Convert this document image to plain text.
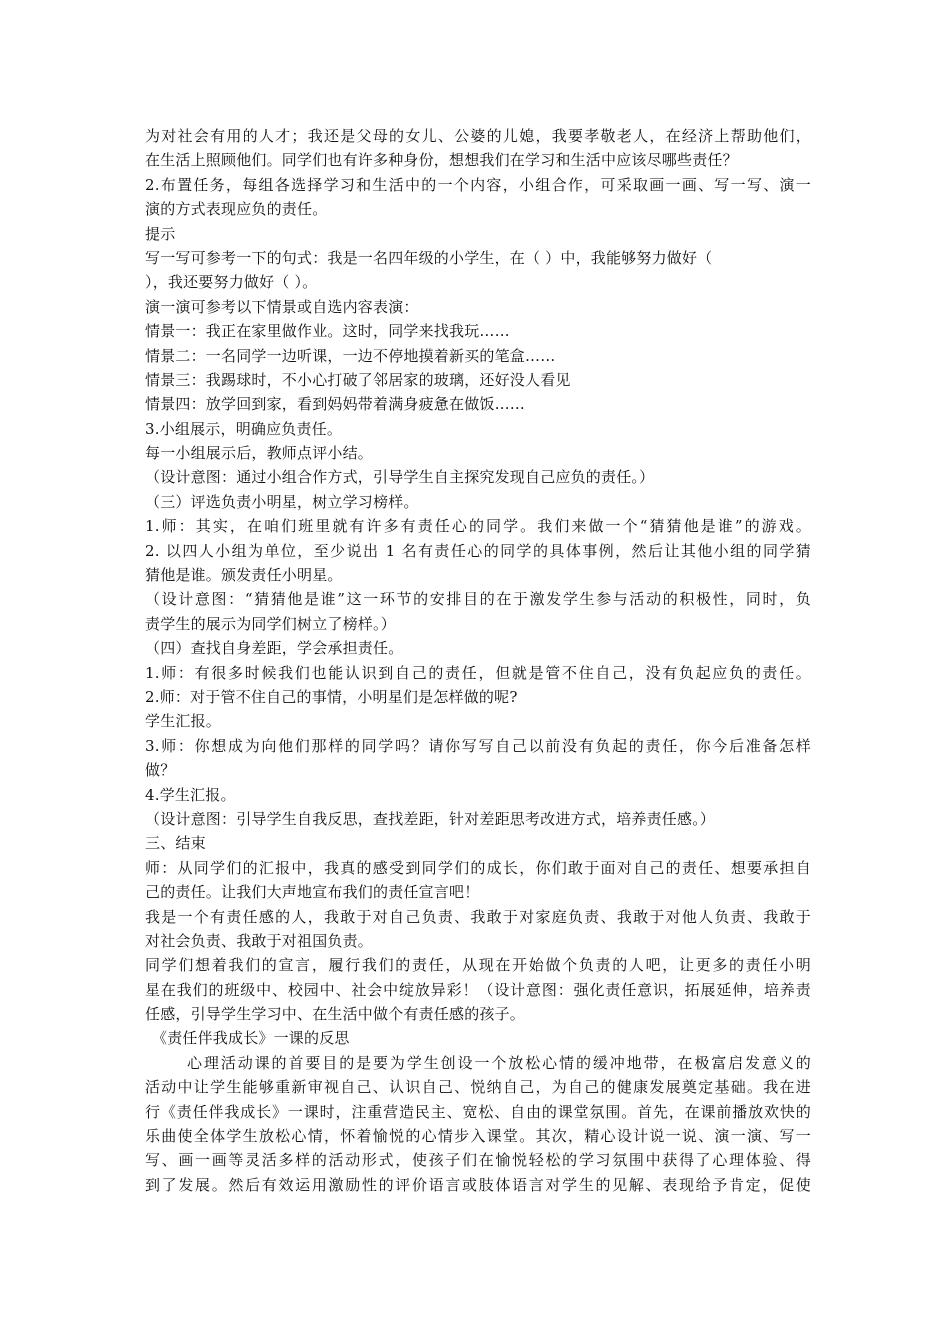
为对社会有用的人才；我还是父母的女儿、公婆的儿媳，我要孝敬老人，在经济上帮助他们，
在生活上照顾他们。同学们也有许多种身份，想想我们在学习和生活中应该尽哪些责任？
2.布置任务，每组各选择学习和生活中的一个内容，小组合作，可采取画一画、写一写、演一
演的方式表现应负的责任。
提示
写一写可参考一下的句式：我是一名四年级的小学生，在（ ）中，我能够努力做好（
），我还要努力做好（ ）。
演一演可参考以下情景或自选内容表演：
情景一：我正在家里做作业。这时，同学来找我玩……
情景二：一名同学一边听课，一边不停地摸着新买的笔盒……
情景三：我踢球时，不小心打破了邻居家的玻璃，还好没人看见
情景四：放学回到家，看到妈妈带着满身疲惫在做饭……
3.小组展示，明确应负责任。
每一小组展示后，教师点评小结。
（设计意图：通过小组合作方式，引导学生自主探究发现自己应负的责任。）
（三）评选负责小明星，树立学习榜样。
1.师：其实，在咱们班里就有许多有责任心的同学。我们来做一个“猜猜他是谁”的游戏。
2. 以四人小组为单位，至少说出 1 名有责任心的同学的具体事例，然后让其他小组的同学猜
猜他是谁。颁发责任小明星。
（设计意图：“猜猜他是谁”这一环节的安排目的在于激发学生参与活动的积极性，同时，负
责学生的展示为同学们树立了榜样。）
（四）查找自身差距，学会承担责任。
1.师：有很多时候我们也能认识到自己的责任，但就是管不住自己，没有负起应负的责任。
2.师：对于管不住自己的事情，小明星们是怎样做的呢?
学生汇报。
3.师：你想成为向他们那样的同学吗？请你写写自己以前没有负起的责任，你今后准备怎样
做？
4.学生汇报。
（设计意图：引导学生自我反思，查找差距，针对差距思考改进方式，培养责任感。）
三、结束
师：从同学们的汇报中，我真的感受到同学们的成长，你们敢于面对自己的责任、想要承担自
己的责任。让我们大声地宣布我们的责任宣言吧！
我是一个有责任感的人，我敢于对自己负责、我敢于对家庭负责、我敢于对他人负责、我敢于
对社会负责、我敢于对祖国负责。
同学们想着我们的宣言，履行我们的责任，从现在开始做个负责的人吧，让更多的责任小明
星在我们的班级中、校园中、社会中绽放异彩！（设计意图：强化责任意识，拓展延伸，培养责
任感，引导学生学习中、在生活中做个有责任感的孩子。
《责任伴我成长》一课的反思
心理活动课的首要目的是要为学生创设一个放松心情的缓冲地带，在极富启发意义的
活动中让学生能够重新审视自己、认识自己、悦纳自己，为自己的健康发展奠定基础。我在进
行《责任伴我成长》一课时，注重营造民主、宽松、自由的课堂氛围。首先，在课前播放欢快的
乐曲使全体学生放松心情，怀着愉悦的心情步入课堂。其次，精心设计说一说、演一演、写一
写、画一画等灵活多样的活动形式，使孩子们在愉悦轻松的学习氛围中获得了心理体验、得
到了发展。然后有效运用激励性的评价语言或肢体语言对学生的见解、表现给予肯定，促使
